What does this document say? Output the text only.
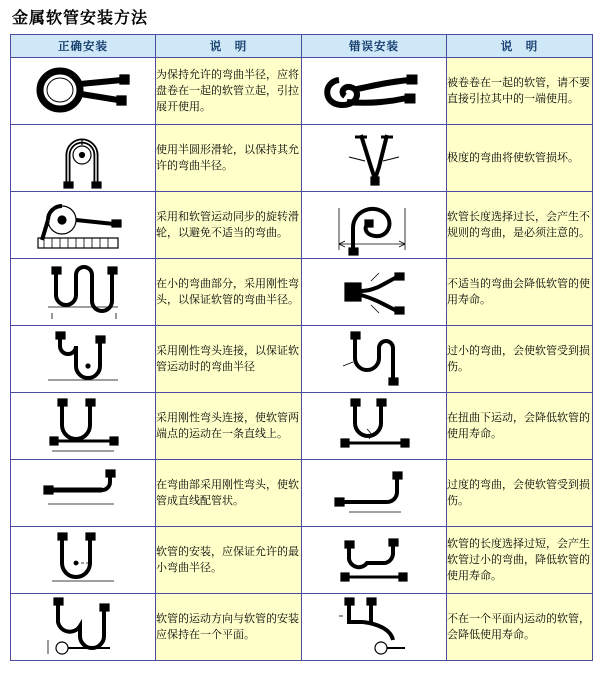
金属软管安装方法
正确安装	说　明	错误安装	说　明

	为保持允许的弯曲半径，应将盘卷在一起的软管立起，引拉展开使用。		被卷卷在一起的软管，请不要直接引拉其中的一端使用。

	使用半圆形滑轮，以保持其允许的弯曲半径。		极度的弯曲将使软管损坏。

	采用和软管运动同步的旋转滑轮，以避免不适当的弯曲。		软管长度选择过长，会产生不规则的弯曲，是必须注意的。

	在小的弯曲部分，采用刚性弯头，以保证软管的弯曲半径。		不适当的弯曲会降低软管的使用寿命。

	采用刚性弯头连接，以保证软管运动时的弯曲半径		过小的弯曲，会使软管受到损伤。

	采用刚性弯头连接，使软管两端点的运动在一条直线上。		在扭曲下运动，会降低软管的使用寿命。

	在弯曲部采用刚性弯头，使软管成直线配管状。		过度的弯曲，会使软管受到损伤。

	软管的安装，应保证允许的最小弯曲半径。		软管的长度选择过短，会产生软管过小的弯曲，降低软管的使用寿命。

	软管的运动方向与软管的安装应保持在一个平面。		不在一个平面内运动的软管，会降低使用寿命。
